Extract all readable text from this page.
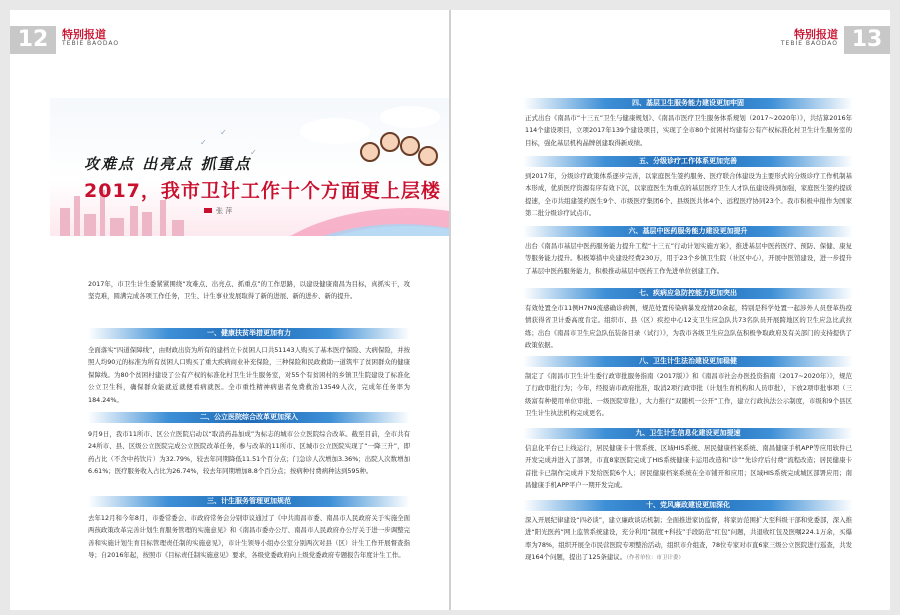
12	特别报道
TEBIE BAODAO
✓
✓
✓
攻难点 出亮点 抓重点
2017，我市卫计工作十个方面更上层楼
张 萍

2017年，市卫生计生委紧紧围绕“攻难点、出亮点、抓重点”的工作思路，以建设健康南昌为目标，真抓实干，攻坚克难，圆满完成各项工作任务，卫生、计生事业发展取得了新的进展、新的进步、新的提升。

一、健康扶贫举措更加有力

全面落实“四道保障线”，由财政出资为所有的建档立卡贫困人口共51143人购买了基本医疗保险、大病保险，并按照人均90元的标准为所有贫困人口购买了重大疾病商业补充保险，三种保险和民政救助一道筑牢了贫困群众的健康保障线。为80个贫困村建设了公有产权的标准化村卫生计生服务室，对55个有贫困村的乡镇卫生院建设了标准化公立卫生科，确保群众能就近就便看病就医。全市重性精神病患者免费救治13549人次，完成年任务率为184.24%。

二、公立医院综合改革更加深入

9月9日，我市11所市、区公立医院启动以“取消药品加成”为标志的城市公立医院综合改革。截至目前，全市共有24所市、县、区级公立医院完成公立医院改革任务，参与改革的11所市、区城市公立医院实现了“一降三升”，即药占比（不含中药饮片）为32.79%，较去年同期降低11.51个百分点；门急诊人次增加3.36%；出院人次数增加6.61%；医疗服务收入占比为26.74%，较去年同期增加8.8个百分点；按病种付费病种达到595种。

三、计生服务管理更加规范

去年12月和今年8月，市委常委会、市政府常务会分别审议通过了《中共南昌市委、南昌市人民政府关于实施全面两孩政策改革完善计划生育服务管理的实施意见》和《南昌市委办公厅、南昌市人民政府办公厅关于进一步调整完善和实施计划生育目标管理责任制的实施意见》，市计生领导小组办公室分别两次对县（区）计生工作开展督查指导；自2016年起，按照市《目标责任制实施意见》要求，各级党委政府向上级党委政府专题报告年度计生工作。

13
特别报道
TEBIE BAODAO
四、基层卫生服务能力建设更加牢固

正式出台《南昌市“十三五”卫生与健康规划》、《南昌市医疗卫生服务体系规划（2017~2020年）》，共结算2016年114个建设项目，立项2017年139个建设项目，实现了全市80个贫困村均建有公有产权标准化村卫生计生服务室的目标，强化基层机构晶牌创建取得新成绩。

五、分级诊疗工作体系更加完善

到2017年，分级诊疗政策体系逐步完善，以家庭医生签约服务、医疗联合体建设为主要形式的分级诊疗工作机制基本形成，优质医疗资源有序有效下沉，以家庭医生为重点的基层医疗卫生人才队伍建设得到加强，家庭医生签约提质提速，全市共组建签约医生9个、市级医疗集团6个、县级医共体4个、远程医疗协同23个。我市积极申报作为国家第二批分级诊疗试点市。

六、基层中医药服务能力建设更加提升

出台《南昌市基层中医药服务能力提升工程“十三五”行动计划实施方案》，推进基层中医药医疗、预防、保健、康复等服务能力提升。积极筹措中央建设经费230万，用于23个乡镇卫生院（社区中心），开展中医馆建设，进一步提升了基层中医药服务能力，积极推动基层中医药工作先进单位创建工作。

七、疾病应急防控能力更加突出

有效处置全市11例H7N9流感确诊病例，规范处置传染病暴发疫情20余起，特别是科学处置一起涉外人员登革热疫情获得省卫计委高度肯定。组织市、县（区）疾控中心12支卫生应急队共73名队员开展跨地区的卫生应急比武拉练；出台《南昌市卫生应急队伍装备目录（试行）》，为我市各级卫生应急队伍积极争取政府及有关部门的支持提供了政策依据。

八、卫生计生法治建设更加稳健

制定了《南昌市卫生计生委行政审批服务指南（2017版）》和《南昌市社会办医投资指南（2017~2020年）》，规范了行政审批行为；今年，经报请市政府批准，取消2项行政审批（计划生育机构和人员审批），下放2项审批事项（三级富有种使用单位审批、一级医院审批），大力推行“双随机一公开”工作，建立行政执法公示制度，市级和9个县区卫生计生执法机构完成更名。

九、卫生计生信息化建设更加提速

信息化平台已上线运行，居民健康卡十管系统、区域HIS系统、居民健康档案系统、南昌健康手机APP等应用软件已开发完成并进入了部署，市直8家医院完成了HIS系统健康卡运用改造和“诊”“先诊疗后付费”流程改造；居民健康卡首批卡已制作完成并下发给医院6个人；居民健康档案系统在全市铺开和应用；区域HIS系统完成城区部署应用；南昌健康手机APP平户一期开发完成。

十、党风廉政建设更加深化

深入开展纪律建设“四必谈”，建立廉政谈话机制；全面推进家访监督，将家访范围扩大至科级干部和党委部，深入推进“阳光医药”网上监管系统建设，充分利用“制度+科技”手段防范“红包”问题，共退收红包及医嘱224.1万余，买爆率为78%，组织开展全市民营医院专项整治活动，组织市介组查，78位专家对市直6家三级公立医院进行巡查，共发现164个问题，提出了125条建议。（作者单位：市卫计委）
